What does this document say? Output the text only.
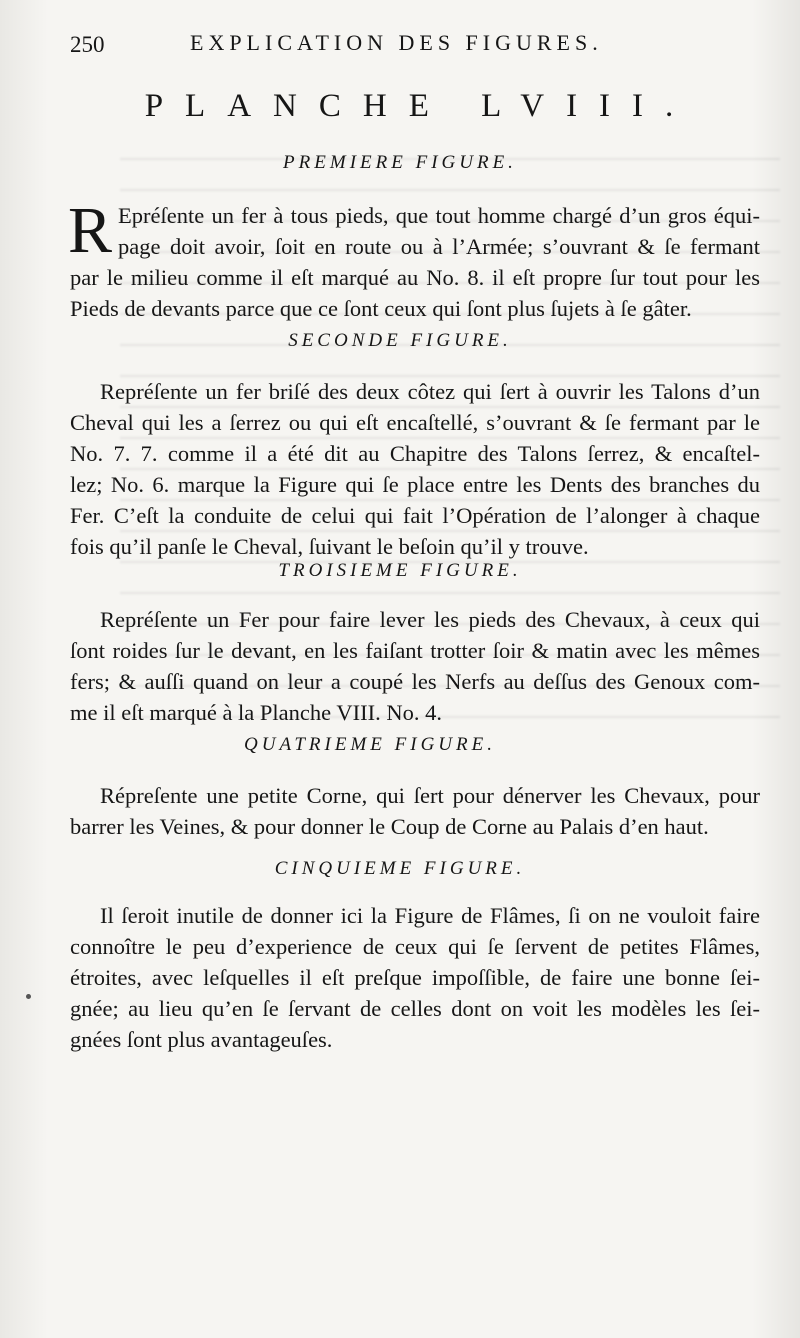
250	EXPLICATION DES FIGURES.
PLANCHE LVIII.
PREMIERE FIGURE.
R Epréſente un fer à tous pieds, que tout homme chargé d’un gros équi-
page doit avoir, ſoit en route ou à l’Armée; s’ouvrant & ſe fermant
par le milieu comme il eſt marqué au No. 8. il eſt propre ſur tout pour les
Pieds de devants parce que ce ſont ceux qui ſont plus ſujets à ſe gâter.
SECONDE FIGURE.
Repréſente un fer briſé des deux côtez qui ſert à ouvrir les Talons d’un
Cheval qui les a ſerrez ou qui eſt encaſtellé, s’ouvrant & ſe fermant par le
No. 7. 7. comme il a été dit au Chapitre des Talons ſerrez, & encaſtel-
lez; No. 6. marque la Figure qui ſe place entre les Dents des branches du
Fer. C’eſt la conduite de celui qui fait l’Opération de l’alonger à chaque
fois qu’il panſe le Cheval, ſuivant le beſoin qu’il y trouve.
TROISIEME FIGURE.
Repréſente un Fer pour faire lever les pieds des Chevaux, à ceux qui
ſont roides ſur le devant, en les faiſant trotter ſoir & matin avec les mêmes
fers; & auſſi quand on leur a coupé les Nerfs au deſſus des Genoux com-
me il eſt marqué à la Planche VIII. No. 4.
QUATRIEME FIGURE.
Répreſente une petite Corne, qui ſert pour dénerver les Chevaux, pour
barrer les Veines, & pour donner le Coup de Corne au Palais d’en haut.
CINQUIEME FIGURE.
Il ſeroit inutile de donner ici la Figure de Flâmes, ſi on ne vouloit faire
connoître le peu d’experience de ceux qui ſe ſervent de petites Flâmes,
étroites, avec leſquelles il eſt preſque impoſſible, de faire une bonne ſei-
gnée; au lieu qu’en ſe ſervant de celles dont on voit les modèles les ſei-
gnées ſont plus avantageuſes.
